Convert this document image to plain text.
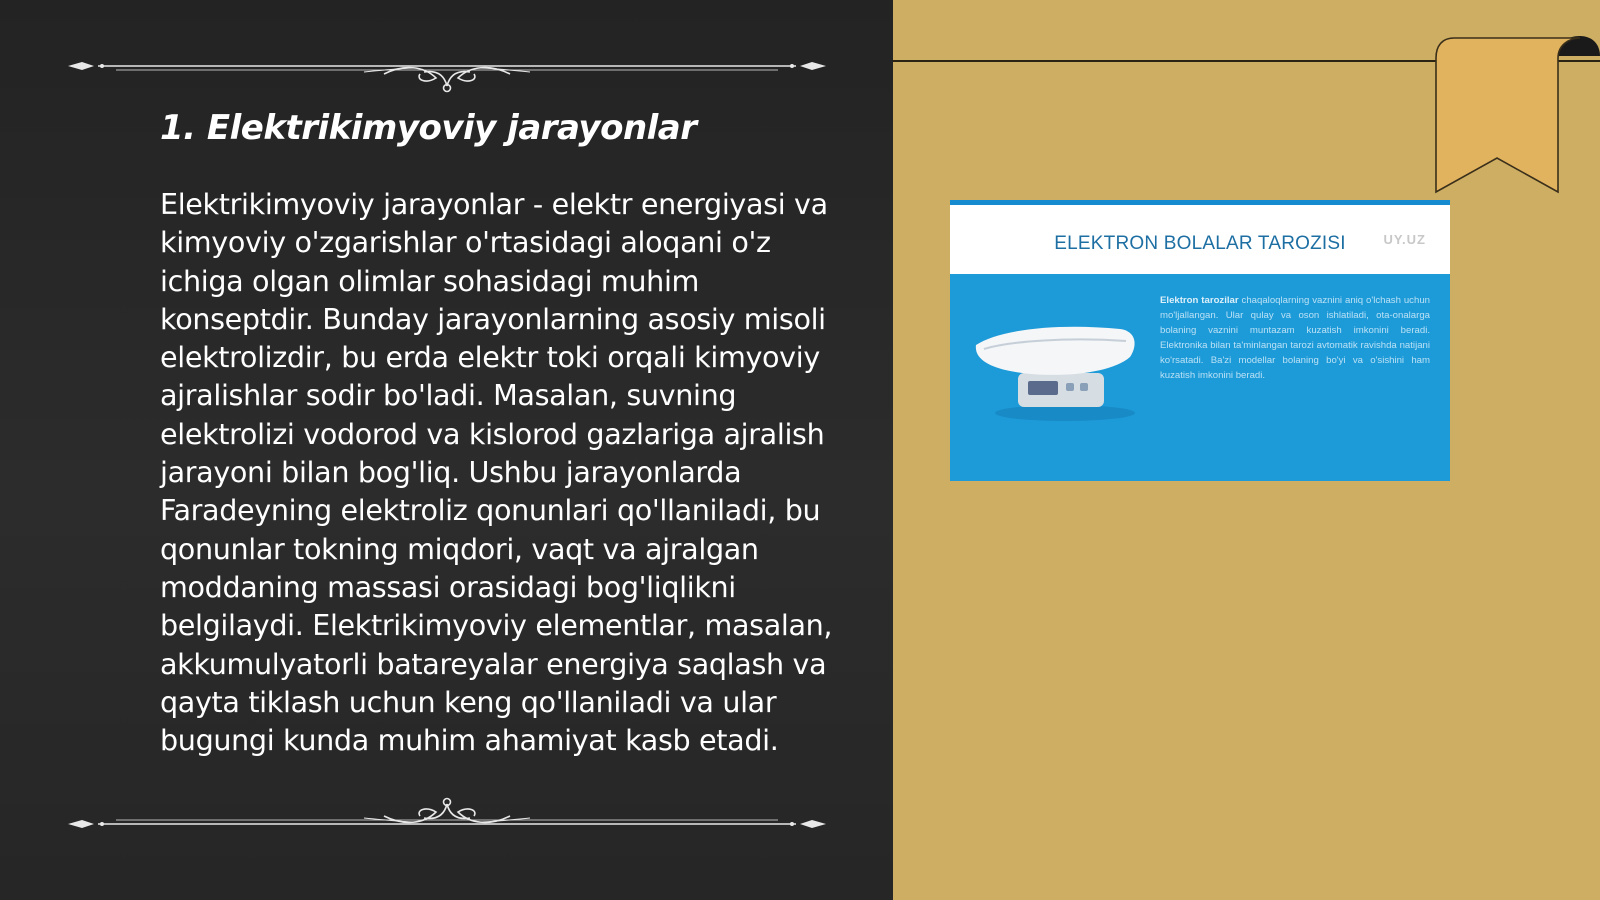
1. Elektrikimyoviy jarayonlar

Elektrikimyoviy jarayonlar - elektr energiyasi va kimyoviy o'zgarishlar o'rtasidagi aloqani o'z ichiga olgan olimlar sohasidagi muhim konseptdir. Bunday jarayonlarning asosiy misoli elektrolizdir, bu erda elektr toki orqali kimyoviy ajralishlar sodir bo'ladi. Masalan, suvning elektrolizi vodorod va kislorod gazlariga ajralish jarayoni bilan bog'liq. Ushbu jarayonlarda Faradeyning elektroliz qonunlari qo'llaniladi, bu qonunlar tokning miqdori, vaqt va ajralgan moddaning massasi orasidagi bog'liqlikni belgilaydi. Elektrikimyoviy elementlar, masalan, akkumulyatorli batareyalar energiya saqlash va qayta tiklash uchun keng qo'llaniladi va ular bugungi kunda muhim ahamiyat kasb etadi.

ELEKTRON BOLALAR TAROZISI	UY.UZ
Elektron tarozilar chaqaloqlarning vaznini aniq o'lchash uchun mo'ljallangan. Ular qulay va oson ishlatiladi, ota-onalarga bolaning vaznini muntazam kuzatish imkonini beradi. Elektronika bilan ta'minlangan tarozi avtomatik ravishda natijani ko'rsatadi. Ba'zi modellar bolaning bo'yi va o'sishini ham kuzatish imkonini beradi.
